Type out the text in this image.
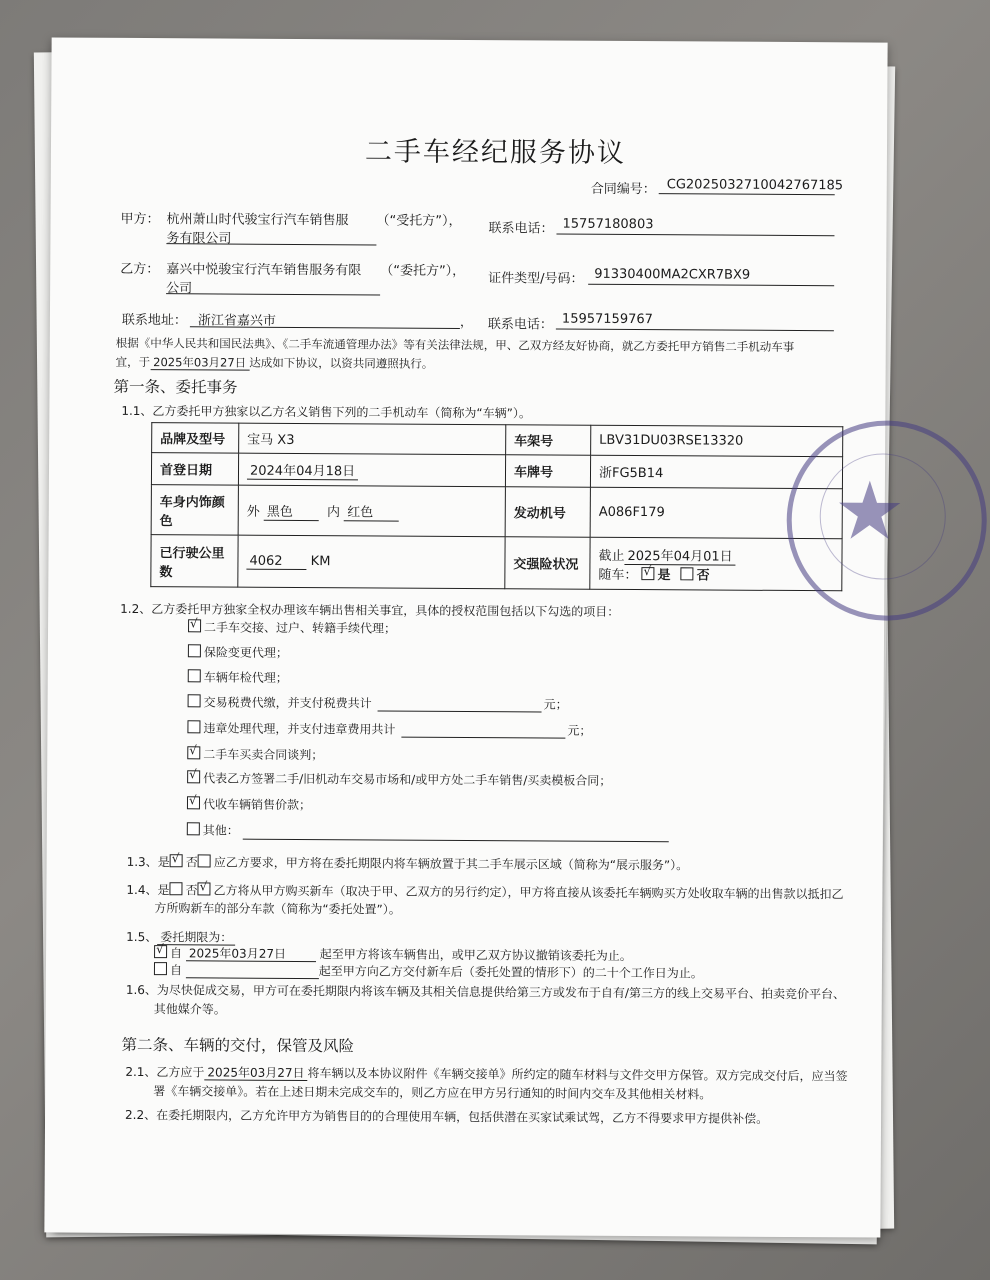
二手车经纪服务协议
合同编号： CG2025032710042767185
甲方： 杭州萧山时代骏宝行汽车销售服
务有限公司
（“受托方”）， 联系电话： 15757180803
乙方： 嘉兴中悦骏宝行汽车销售服务有限
公司
（“委托方”）， 证件类型/号码： 91330400MA2CXR7BX9
联系地址： 浙江省嘉兴市	， 联系电话： 15957159767
根据《中华人民共和国民法典》、《二手车流通管理办法》等有关法律法规，甲、乙双方经友好协商，就乙方委托甲方销售二手机动车事
宜，于 2025年03月27日 达成如下协议，以资共同遵照执行。
第一条、委托事务
1.1、乙方委托甲方独家以乙方名义销售下列的二手机动车（简称为“车辆”）。
品牌及型号	宝马 X3	车架号	LBV31DU03RSE13320
首登日期	2024年04月18日	车牌号	浙FG5B14
车身内饰颜色	外 黑色 内 红色	发动机号	A086F179
已行驶公里数	4062 KM	交强险状况	截止 2025年04月01日
随车： √ 是 否
★
1.2、乙方委托甲方独家全权办理该车辆出售相关事宜，具体的授权范围包括以下勾选的项目：
√二手车交接、过户、转籍手续代理；
保险变更代理；
车辆年检代理；
交易税费代缴，并支付税费共计	元；
违章处理代理，并支付违章费用共计	元；
√二手车买卖合同谈判；
√代表乙方签署二手/旧机动车交易市场和/或甲方处二手车销售/买卖模板合同；
√代收车辆销售价款；
其他：
1.3、是 √ 否 应乙方要求，甲方将在委托期限内将车辆放置于其二手车展示区域（简称为“展示服务”）。
1.4、是 否 √ 乙方将从甲方购买新车（取决于甲、乙双方的另行约定），甲方将直接从该委托车辆购买方处收取车辆的出售款以抵扣乙
方所购新车的部分车款（简称为“委托处置”）。
1.5、 委托期限为：
√自 2025年03月27日	起至甲方将该车辆售出，或甲乙双方协议撤销该委托为止。
自	起至甲方向乙方交付新车后（委托处置的情形下）的二十个工作日为止。
1.6、为尽快促成交易，甲方可在委托期限内将该车辆及其相关信息提供给第三方或发布于自有/第三方的线上交易平台、拍卖竞价平台、
其他媒介等。
第二条、车辆的交付，保管及风险
2.1、乙方应于 2025年03月27日 将车辆以及本协议附件《车辆交接单》所约定的随车材料与文件交甲方保管。双方完成交付后，应当签
署《车辆交接单》。若在上述日期未完成交车的，则乙方应在甲方另行通知的时间内交车及其他相关材料。
2.2、在委托期限内，乙方允许甲方为销售目的的合理使用车辆，包括供潜在买家试乘试驾，乙方不得要求甲方提供补偿。
